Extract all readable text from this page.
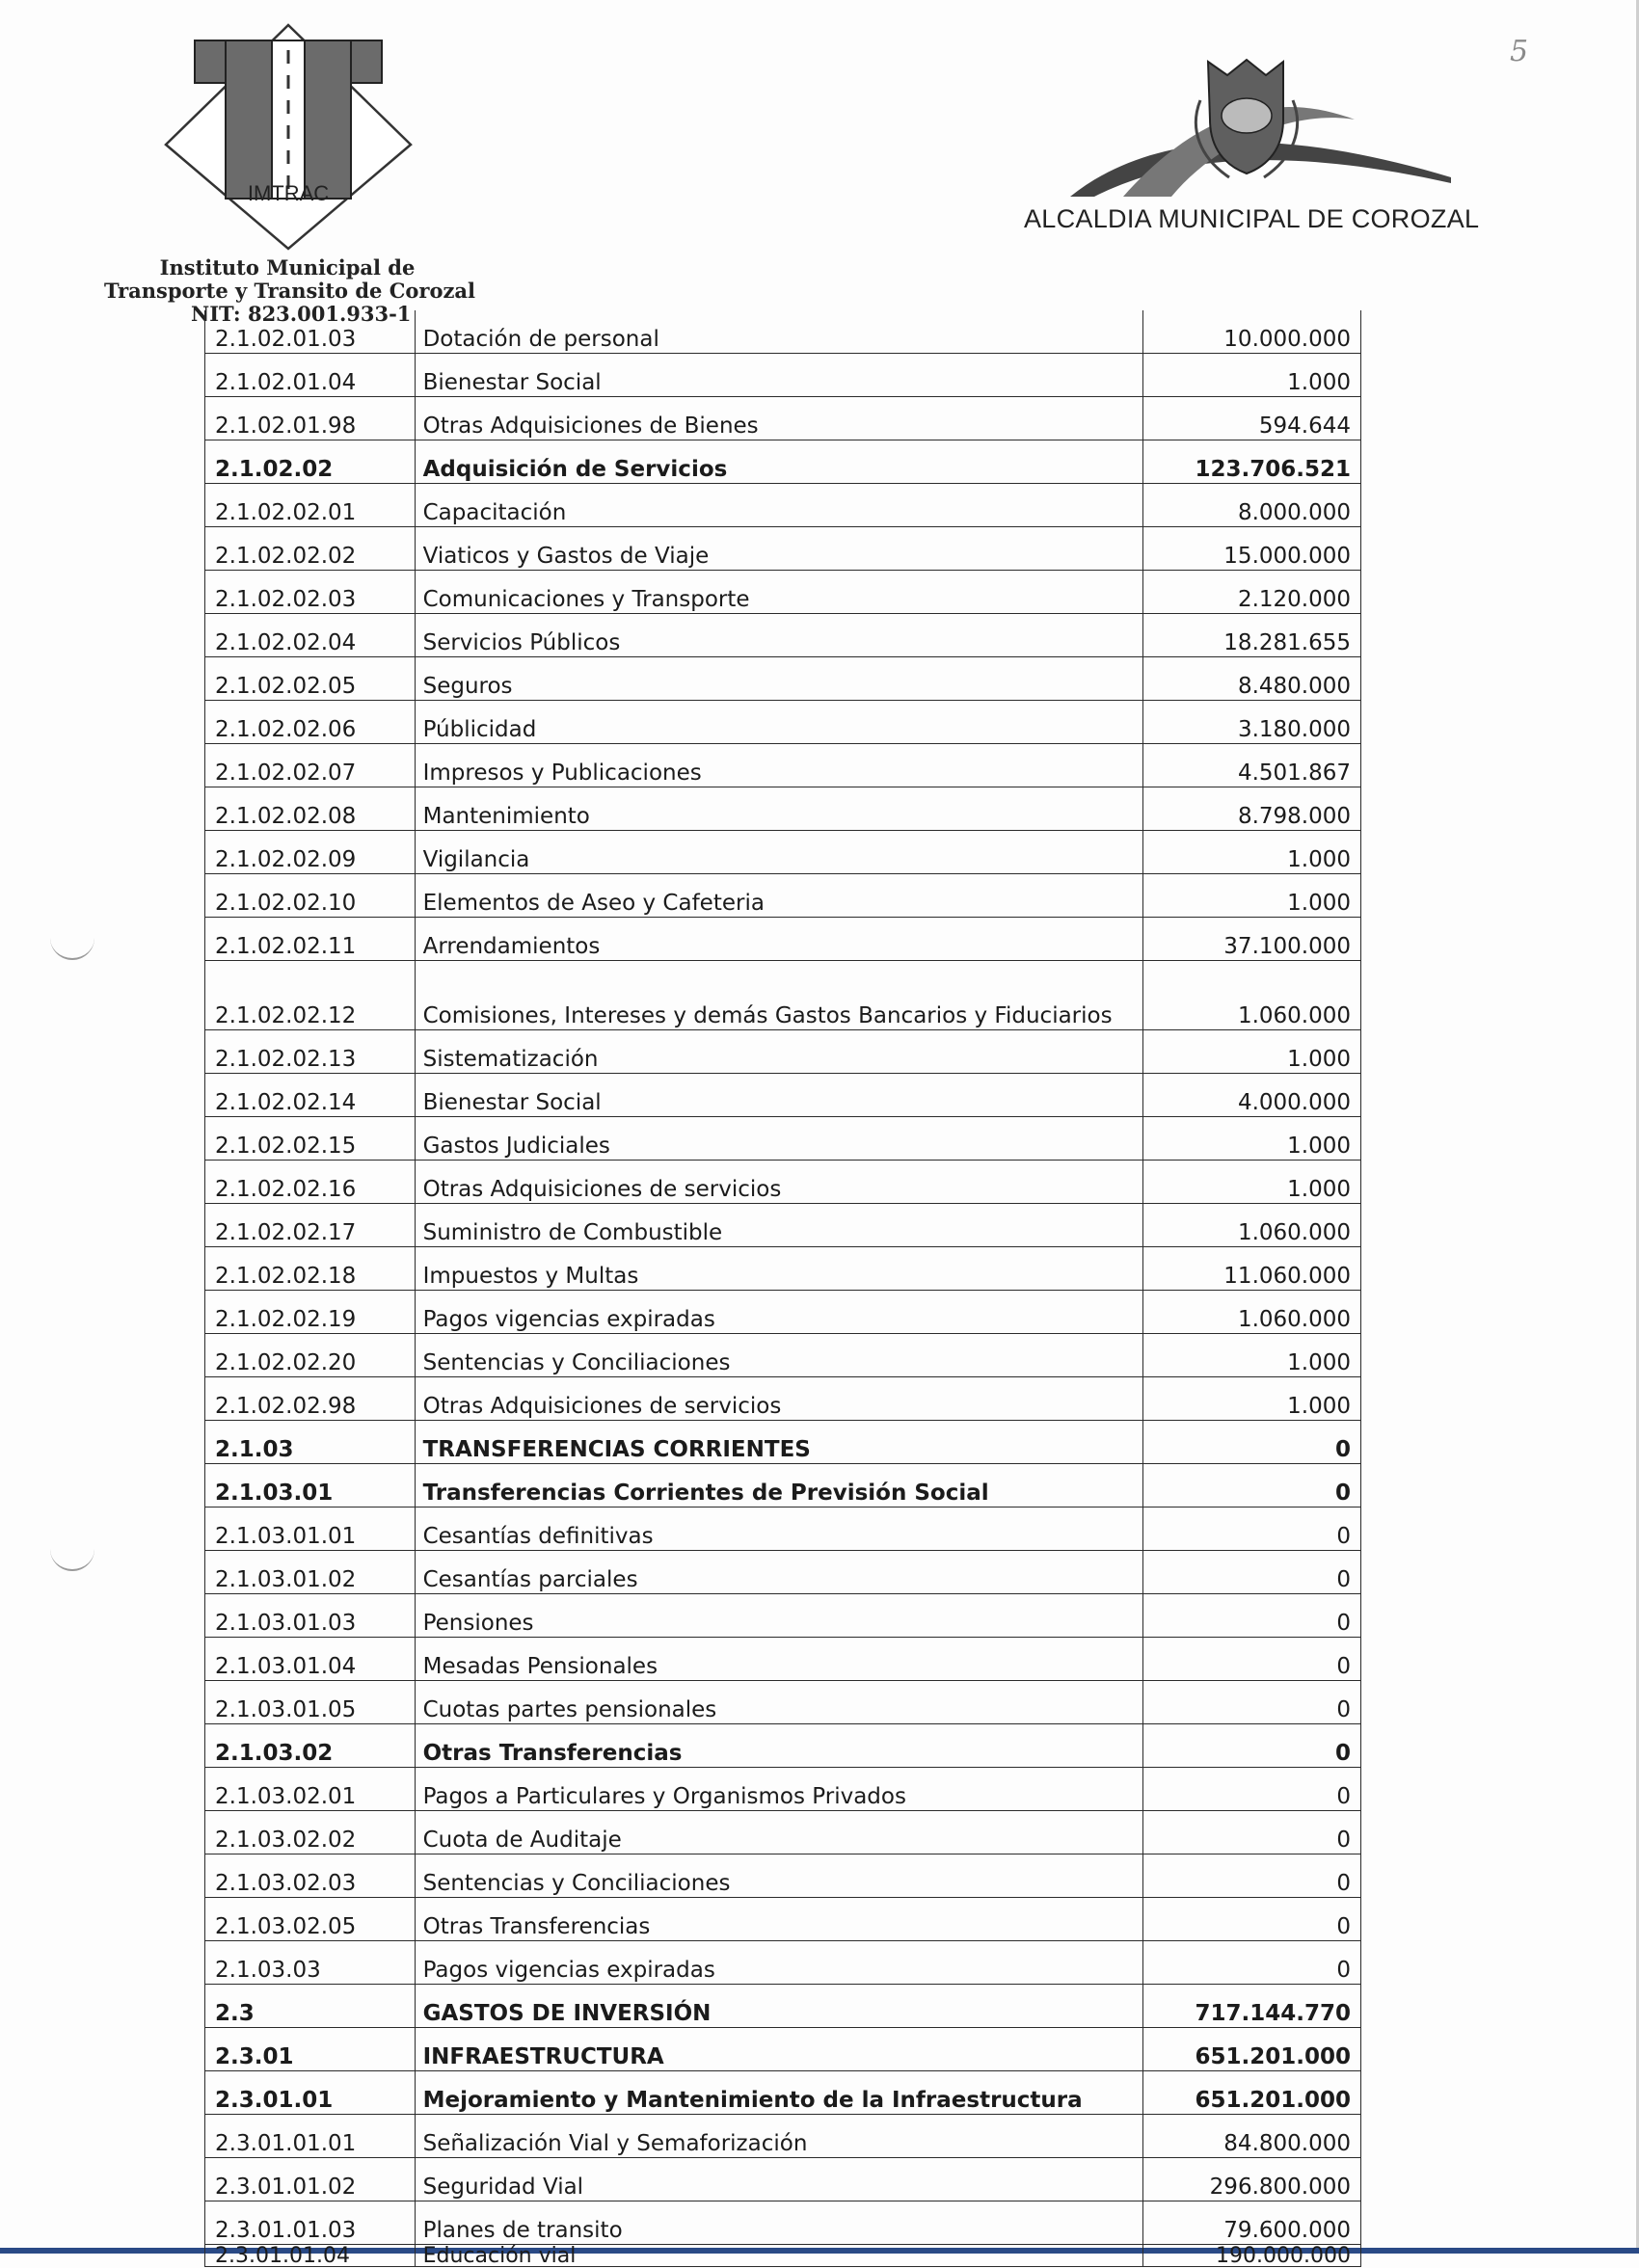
IMTRAC
Instituto Municipal de
Transporte y Transito de Corozal
NIT: 823.001.933-1
ALCALDIA MUNICIPAL DE COROZAL
5
2.1.02.01.03	Dotación de personal	10.000.000
2.1.02.01.04	Bienestar Social	1.000
2.1.02.01.98	Otras Adquisiciones de Bienes	594.644
2.1.02.02	Adquisición de Servicios	123.706.521
2.1.02.02.01	Capacitación	8.000.000
2.1.02.02.02	Viaticos y Gastos de Viaje	15.000.000
2.1.02.02.03	Comunicaciones y Transporte	2.120.000
2.1.02.02.04	Servicios Públicos	18.281.655
2.1.02.02.05	Seguros	8.480.000
2.1.02.02.06	Públicidad	3.180.000
2.1.02.02.07	Impresos y Publicaciones	4.501.867
2.1.02.02.08	Mantenimiento	8.798.000
2.1.02.02.09	Vigilancia	1.000
2.1.02.02.10	Elementos de Aseo y Cafeteria	1.000
2.1.02.02.11	Arrendamientos	37.100.000
2.1.02.02.12	Comisiones, Intereses y demás Gastos Bancarios y Fiduciarios	1.060.000
2.1.02.02.13	Sistematización	1.000
2.1.02.02.14	Bienestar Social	4.000.000
2.1.02.02.15	Gastos Judiciales	1.000
2.1.02.02.16	Otras Adquisiciones de servicios	1.000
2.1.02.02.17	Suministro de Combustible	1.060.000
2.1.02.02.18	Impuestos y Multas	11.060.000
2.1.02.02.19	Pagos vigencias expiradas	1.060.000
2.1.02.02.20	Sentencias y Conciliaciones	1.000
2.1.02.02.98	Otras Adquisiciones de servicios	1.000
2.1.03	TRANSFERENCIAS CORRIENTES	0
2.1.03.01	Transferencias Corrientes de Previsión Social	0
2.1.03.01.01	Cesantías definitivas	0
2.1.03.01.02	Cesantías parciales	0
2.1.03.01.03	Pensiones	0
2.1.03.01.04	Mesadas Pensionales	0
2.1.03.01.05	Cuotas partes pensionales	0
2.1.03.02	Otras Transferencias	0
2.1.03.02.01	Pagos a Particulares y Organismos Privados	0
2.1.03.02.02	Cuota de Auditaje	0
2.1.03.02.03	Sentencias y Conciliaciones	0
2.1.03.02.05	Otras Transferencias	0
2.1.03.03	Pagos vigencias expiradas	0
2.3	GASTOS DE INVERSIÓN	717.144.770
2.3.01	INFRAESTRUCTURA	651.201.000
2.3.01.01	Mejoramiento y Mantenimiento de la Infraestructura	651.201.000
2.3.01.01.01	Señalización Vial y Semaforización	84.800.000
2.3.01.01.02	Seguridad Vial	296.800.000
2.3.01.01.03	Planes de transito	79.600.000
2.3.01.01.04	Educación vial	190.000.000
